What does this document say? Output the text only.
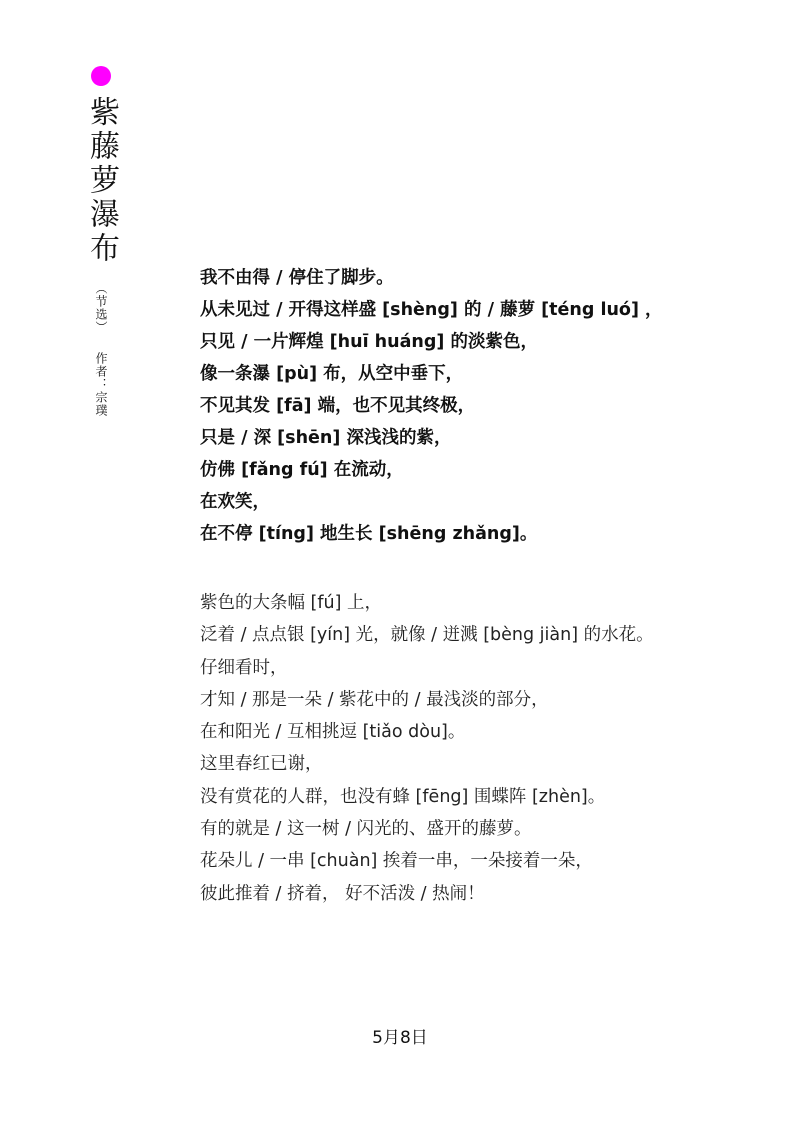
紫藤萝瀑布
（节选）作者：宗璞
我不由得 / 停住了脚步。
从未见过 / 开得这样盛 [shèng] 的 / 藤萝 [téng luó] ，
只见 / 一片辉煌 [huī huáng] 的淡紫色，
像一条瀑 [pù] 布，从空中垂下，
不见其发 [fā] 端，也不见其终极，
只是 / 深 [shēn] 深浅浅的紫，
仿佛 [fǎng fú] 在流动，
在欢笑，
在不停 [tíng] 地生长 [shēng zhǎng]。
紫色的大条幅 [fú] 上，
泛着 / 点点银 [yín] 光，就像 / 迸溅 [bèng jiàn] 的水花。
仔细看时，
才知 / 那是一朵 / 紫花中的 / 最浅淡的部分，
在和阳光 / 互相挑逗 [tiǎo dòu]。
这里春红已谢，
没有赏花的人群，也没有蜂 [fēng] 围蝶阵 [zhèn]。
有的就是 / 这一树 / 闪光的、盛开的藤萝。
花朵儿 / 一串 [chuàn] 挨着一串，一朵接着一朵，
彼此推着 / 挤着， 好不活泼 / 热闹！
5月8日
